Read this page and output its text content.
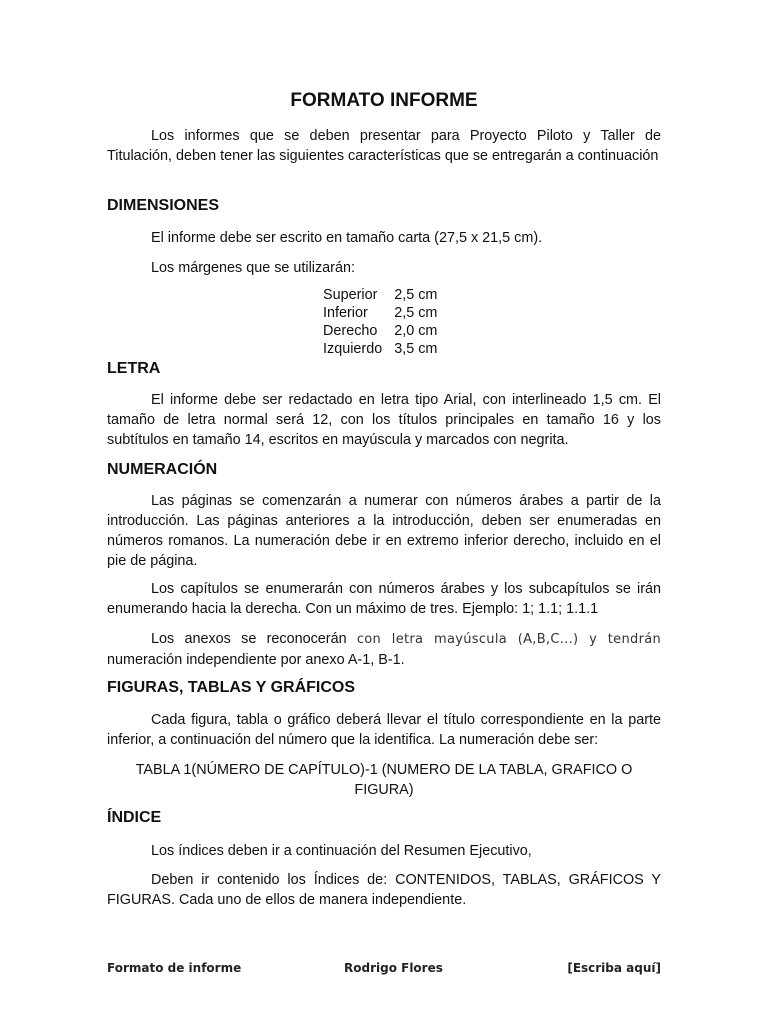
FORMATO INFORME

Los informes que se deben presentar para Proyecto Piloto y Taller de Titulación, deben tener las siguientes características que se entregarán a continuación

DIMENSIONES

El informe debe ser escrito en tamaño carta (27,5 x 21,5 cm).

Los márgenes que se utilizarán:

Superior	2,5 cm
Inferior	2,5 cm
Derecho	2,0 cm
Izquierdo	3,5 cm
LETRA

El informe debe ser redactado en letra tipo Arial, con interlineado 1,5 cm. El tamaño de letra normal será 12, con los títulos principales en tamaño 16 y los subtítulos en tamaño 14, escritos en mayúscula y marcados con negrita.

NUMERACIÓN

Las páginas se comenzarán a numerar con números árabes a partir de la introducción. Las páginas anteriores a la introducción, deben ser enumeradas en números romanos. La numeración debe ir en extremo inferior derecho, incluido en el pie de página.

Los capítulos se enumerarán con números árabes y los subcapítulos se irán enumerando hacia la derecha. Con un máximo de tres. Ejemplo: 1; 1.1; 1.1.1

Los anexos se reconocerán con letra mayúscula (A,B,C...) y tendrán numeración independiente por anexo A-1, B-1.

FIGURAS, TABLAS Y GRÁFICOS

Cada figura, tabla o gráfico deberá llevar el título correspondiente en la parte inferior, a continuación del número que la identifica. La numeración debe ser:

TABLA 1(NÚMERO DE CAPÍTULO)-1 (NUMERO DE LA TABLA, GRAFICO O FIGURA)

ÍNDICE

Los índices deben ir a continuación del Resumen Ejecutivo,

Deben ir contenido los Índices de: CONTENIDOS, TABLAS, GRÁFICOS Y FIGURAS. Cada uno de ellos de manera independiente.

Formato de informe	Rodrigo Flores	[Escriba aquí]
